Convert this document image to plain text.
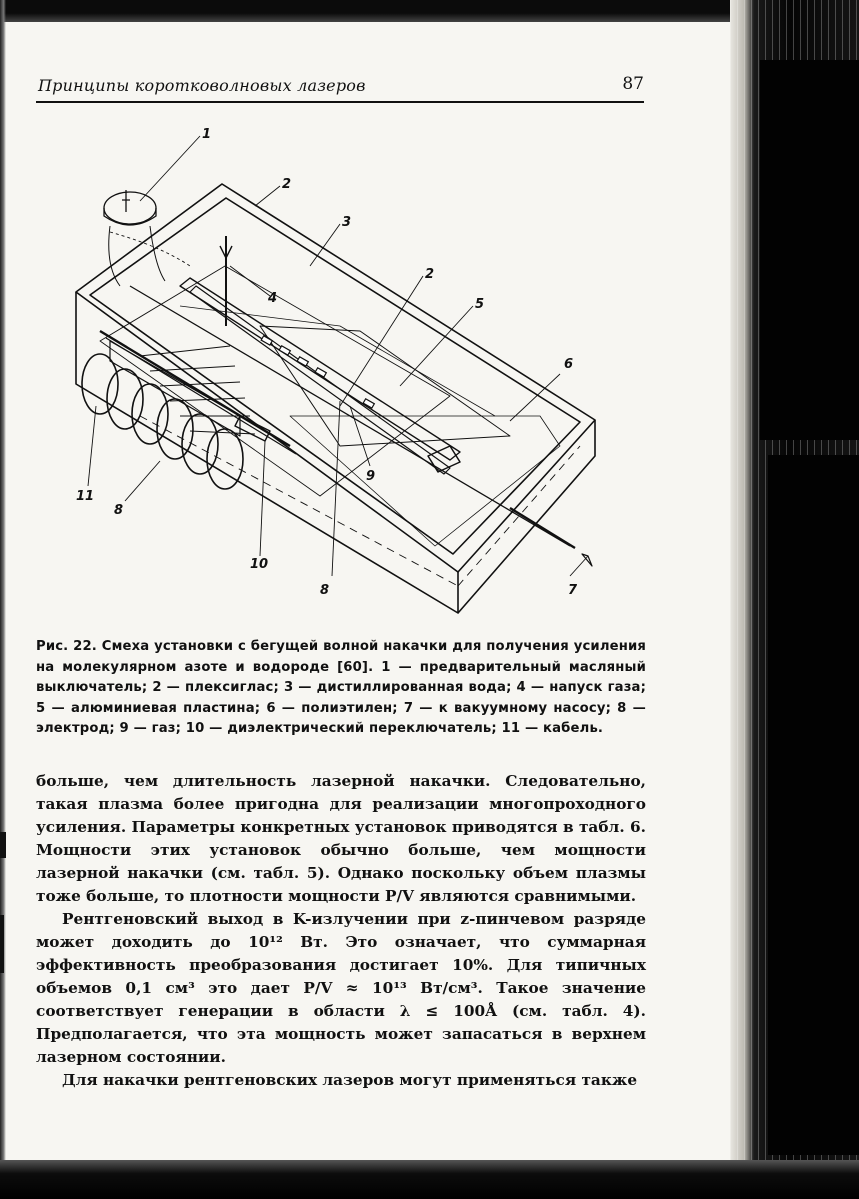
Принципы коротковолновых лазеров	87
1
2
3
2
4	5
6
9
11
8
10
8	7
Рис. 22. Смеха установки с бегущей волной накачки для получения усиления на молекулярном азоте и водороде [60]. 1 — предварительный масляный выключатель; 2 — плексиглас; 3 — дистиллированная вода; 4 — напуск газа; 5 — алюминиевая пластина; 6 — полиэтилен; 7 — к вакуумному насосу; 8 — электрод; 9 — газ; 10 — диэлектрический переключатель; 11 — кабель.

больше, чем длительность лазерной накачки. Следовательно, такая плазма более пригодна для реализации многопроходного усиления. Параметры конкретных установок приводятся в табл. 6. Мощности этих установок обычно больше, чем мощности лазерной накачки (см. табл. 5). Однако поскольку объем плазмы тоже больше, то плотности мощности P/V являются сравнимыми.

Рентгеновский выход в K-излучении при z-пинчевом разряде может доходить до 10¹² Вт. Это означает, что суммарная эффективность преобразования достигает 10%. Для типичных объемов 0,1 см³ это дает P/V ≈ 10¹³ Вт/см³. Такое значение соответствует генерации в области λ ≤ 100Å (см. табл. 4). Предполагается, что эта мощность может запасаться в верхнем лазерном состоянии.

Для накачки рентгеновских лазеров могут применяться также
